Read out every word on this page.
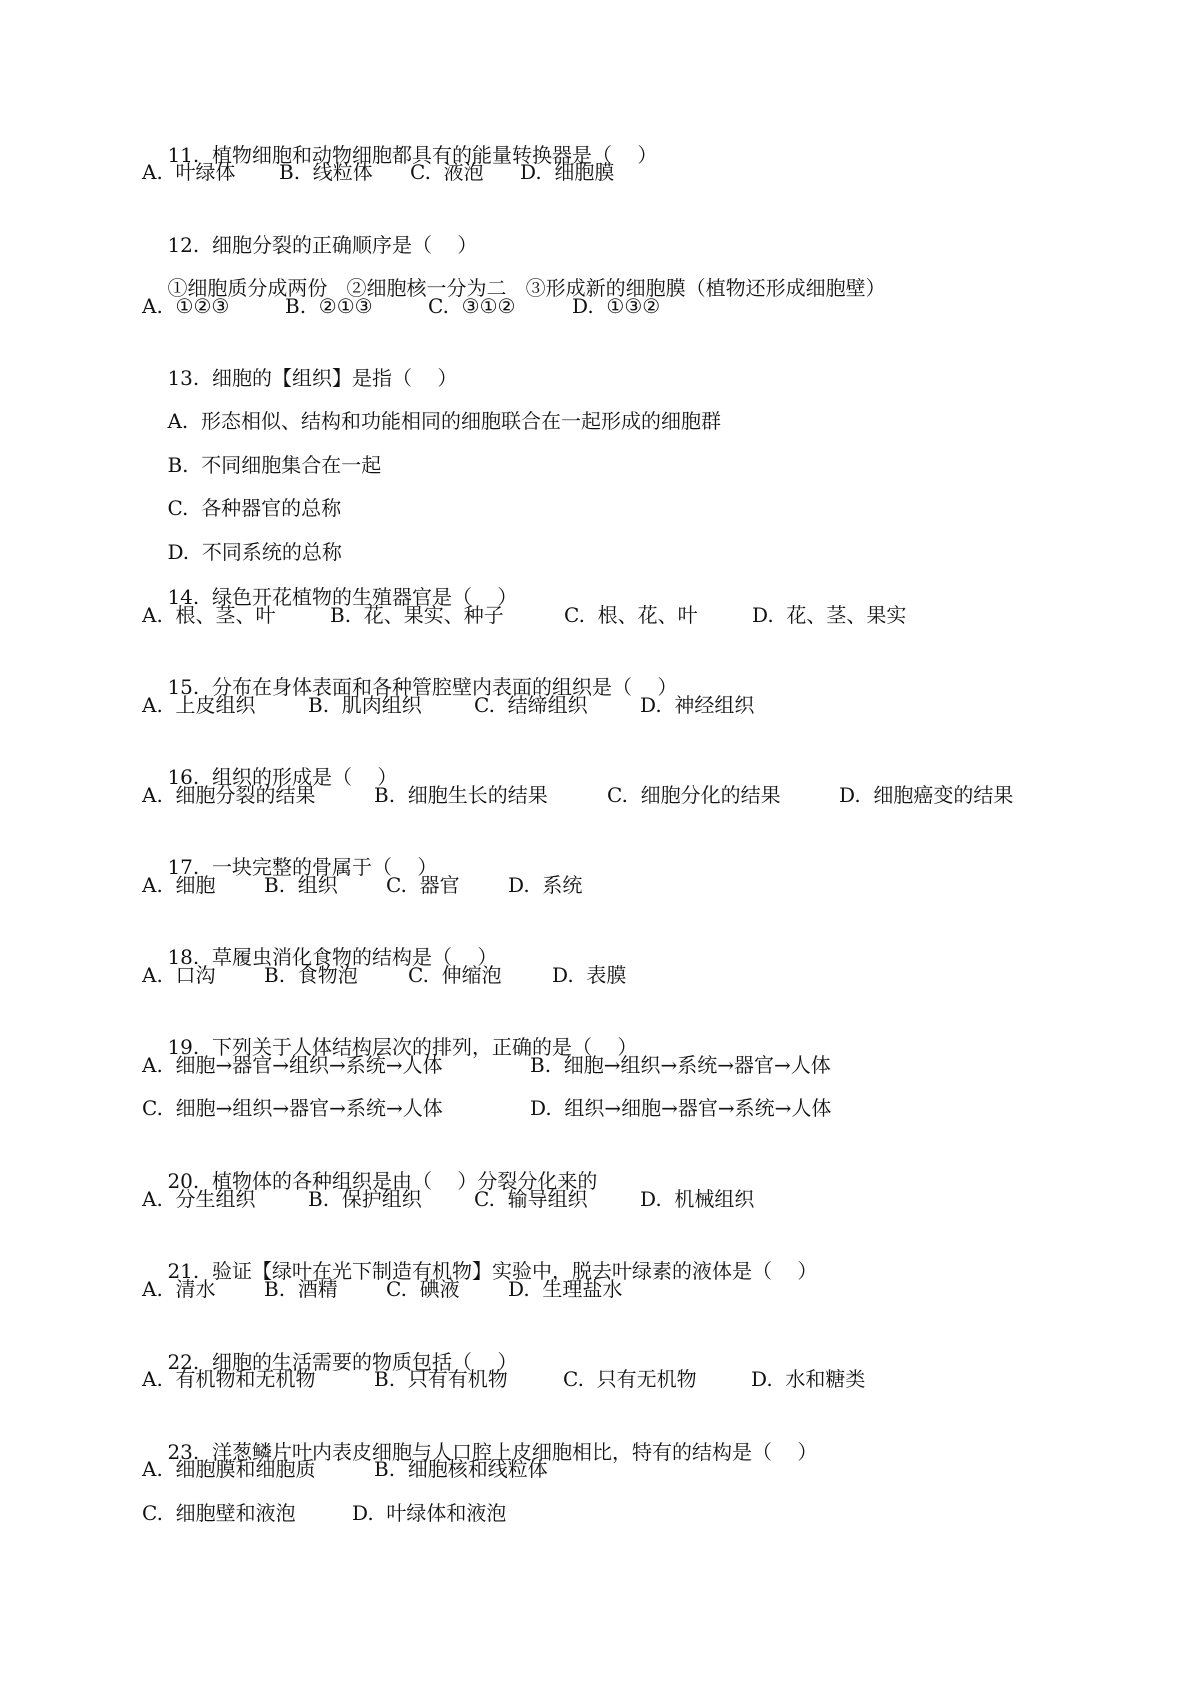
11. 植物细胞和动物细胞都具有的能量转换器是（    ）

A. 叶绿体

B. 线粒体

C. 液泡

D. 细胞膜

12. 细胞分裂的正确顺序是（    ）

①细胞质分成两份   ②细胞核一分为二   ③形成新的细胞膜（植物还形成细胞壁）

A. ①②③

	B. ②①③

	C. ③①②

	D. ①③②

13. 细胞的【组织】是指（    ）

A. 形态相似、结构和功能相同的细胞联合在一起形成的细胞群

B. 不同细胞集合在一起

C. 各种器官的总称

D. 不同系统的总称

14. 绿色开花植物的生殖器官是（    ）

A. 根、茎、叶

	B. 花、果实、种子

	C. 根、花、叶

	D. 花、茎、果实

15. 分布在身体表面和各种管腔壁内表面的组织是（    ）

A. 上皮组织

	B. 肌肉组织

	C. 结缔组织

	D. 神经组织

16. 组织的形成是（    ）

A. 细胞分裂的结果

	B. 细胞生长的结果

	C. 细胞分化的结果

	D. 细胞癌变的结果

17. 一块完整的骨属于（    ）

A. 细胞

B. 组织

C. 器官

D. 系统

18. 草履虫消化食物的结构是（    ）

A. 口沟

B. 食物泡

	C. 伸缩泡

	D. 表膜

19. 下列关于人体结构层次的排列，正确的是（    ）

A. 细胞→器官→组织→系统→人体

	B. 细胞→组织→系统→器官→人体

C. 细胞→组织→器官→系统→人体

	D. 组织→细胞→器官→系统→人体

20. 植物体的各种组织是由（    ）分裂分化来的

A. 分生组织

	B. 保护组织

	C. 输导组织

	D. 机械组织

21. 验证【绿叶在光下制造有机物】实验中，脱去叶绿素的液体是（    ）

A. 清水

B. 酒精

C. 碘液

D. 生理盐水

22. 细胞的生活需要的物质包括（    ）

A. 有机物和无机物

	B. 只有有机物

	C. 只有无机物

	D. 水和糖类

23. 洋葱鳞片叶内表皮细胞与人口腔上皮细胞相比，特有的结构是（    ）

A. 细胞膜和细胞质

	B. 细胞核和线粒体

C. 细胞壁和液泡

	D. 叶绿体和液泡
